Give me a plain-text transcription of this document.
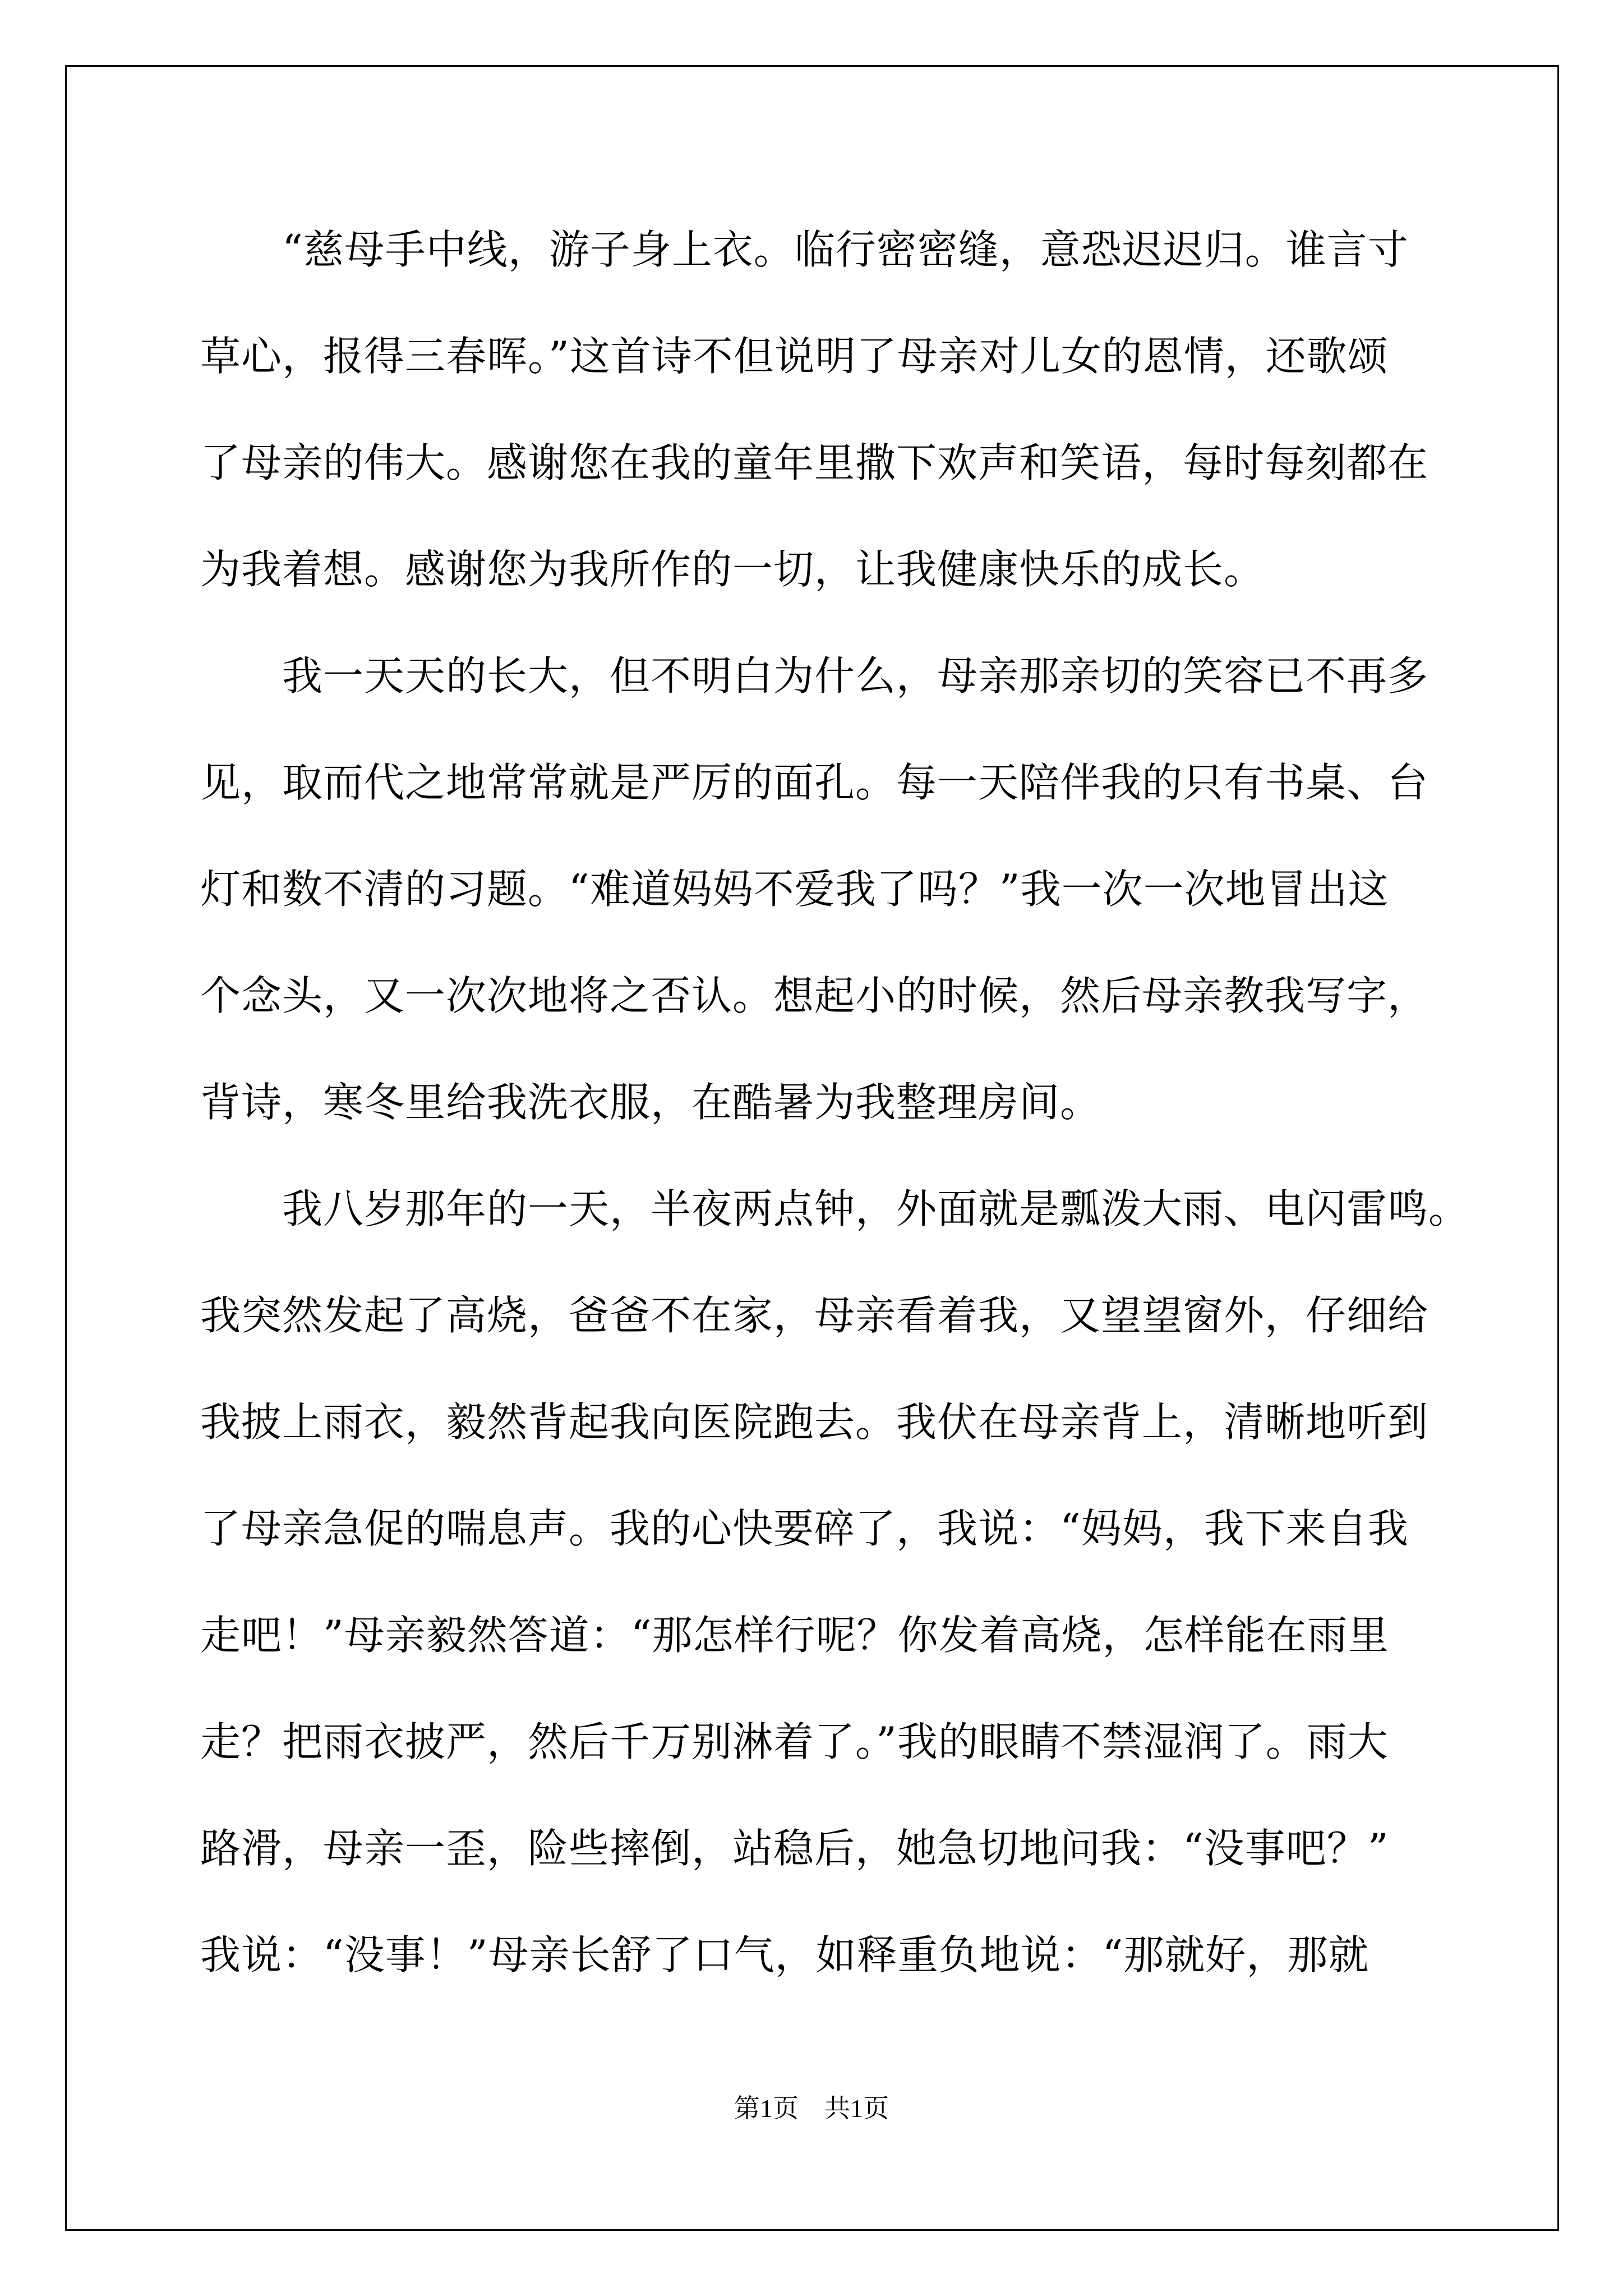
　　“慈母手中线，游子身上衣。临行密密缝，意恐迟迟归。谁言寸
草心，报得三春晖。”这首诗不但说明了母亲对儿女的恩情，还歌颂
了母亲的伟大。感谢您在我的童年里撒下欢声和笑语，每时每刻都在
为我着想。感谢您为我所作的一切，让我健康快乐的成长。
　　我一天天的长大，但不明白为什么，母亲那亲切的笑容已不再多
见，取而代之地常常就是严厉的面孔。每一天陪伴我的只有书桌、台
灯和数不清的习题。“难道妈妈不爱我了吗？”我一次一次地冒出这
个念头，又一次次地将之否认。想起小的时候，然后母亲教我写字，
背诗，寒冬里给我洗衣服，在酷暑为我整理房间。
　　我八岁那年的一天，半夜两点钟，外面就是瓢泼大雨、电闪雷鸣。
我突然发起了高烧，爸爸不在家，母亲看着我，又望望窗外，仔细给
我披上雨衣，毅然背起我向医院跑去。我伏在母亲背上，清晰地听到
了母亲急促的喘息声。我的心快要碎了，我说：“妈妈，我下来自我
走吧！”母亲毅然答道：“那怎样行呢？你发着高烧，怎样能在雨里
走？把雨衣披严，然后千万别淋着了。”我的眼睛不禁湿润了。雨大
路滑，母亲一歪，险些摔倒，站稳后，她急切地问我：“没事吧？”
我说：“没事！”母亲长舒了口气，如释重负地说：“那就好，那就
第1页　共1页
